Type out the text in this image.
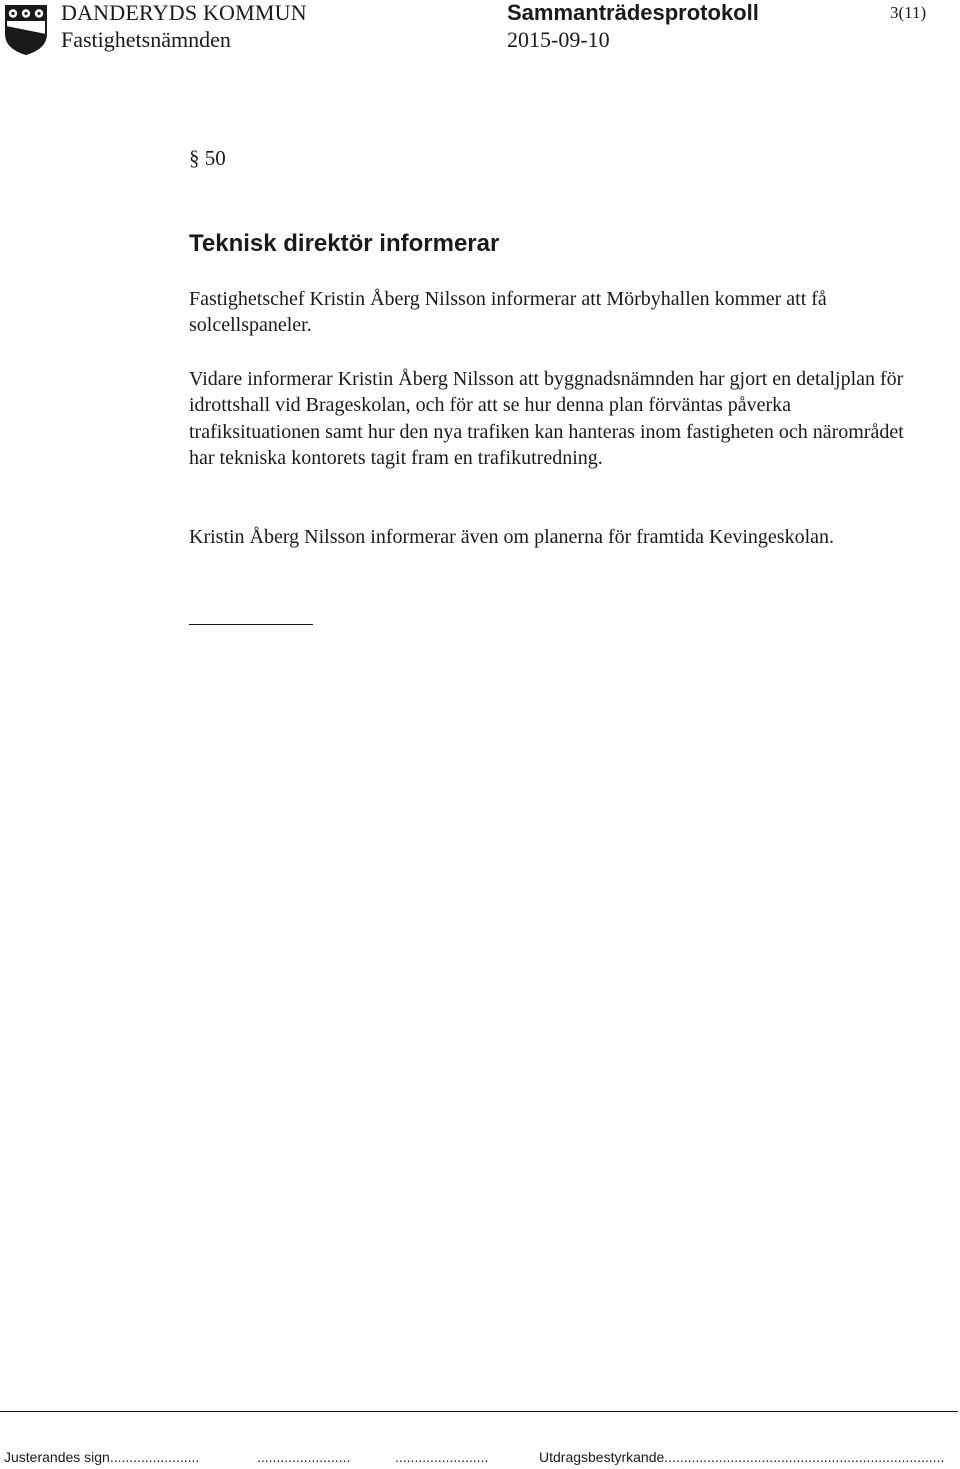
DANDERYDS KOMMUN
Fastighetsnämnden
Sammanträdesprotokoll
2015-09-10
3(11)
§ 50
Teknisk direktör informerar

Fastighetschef Kristin Åberg Nilsson informerar att Mörbyhallen kommer att få solcellspaneler.

Vidare informerar Kristin Åberg Nilsson att byggnadsnämnden har gjort en detaljplan för idrottshall vid Brageskolan, och för att se hur denna plan förväntas påverka trafiksituationen samt hur den nya trafiken kan hanteras inom fastigheten och närområdet har tekniska kontorets tagit fram en trafikutredning.

Kristin Åberg Nilsson informerar även om planerna för framtida Kevingeskolan.

Justerandes sign.......................	........................	........................	Utdragsbestyrkande........................................................................
